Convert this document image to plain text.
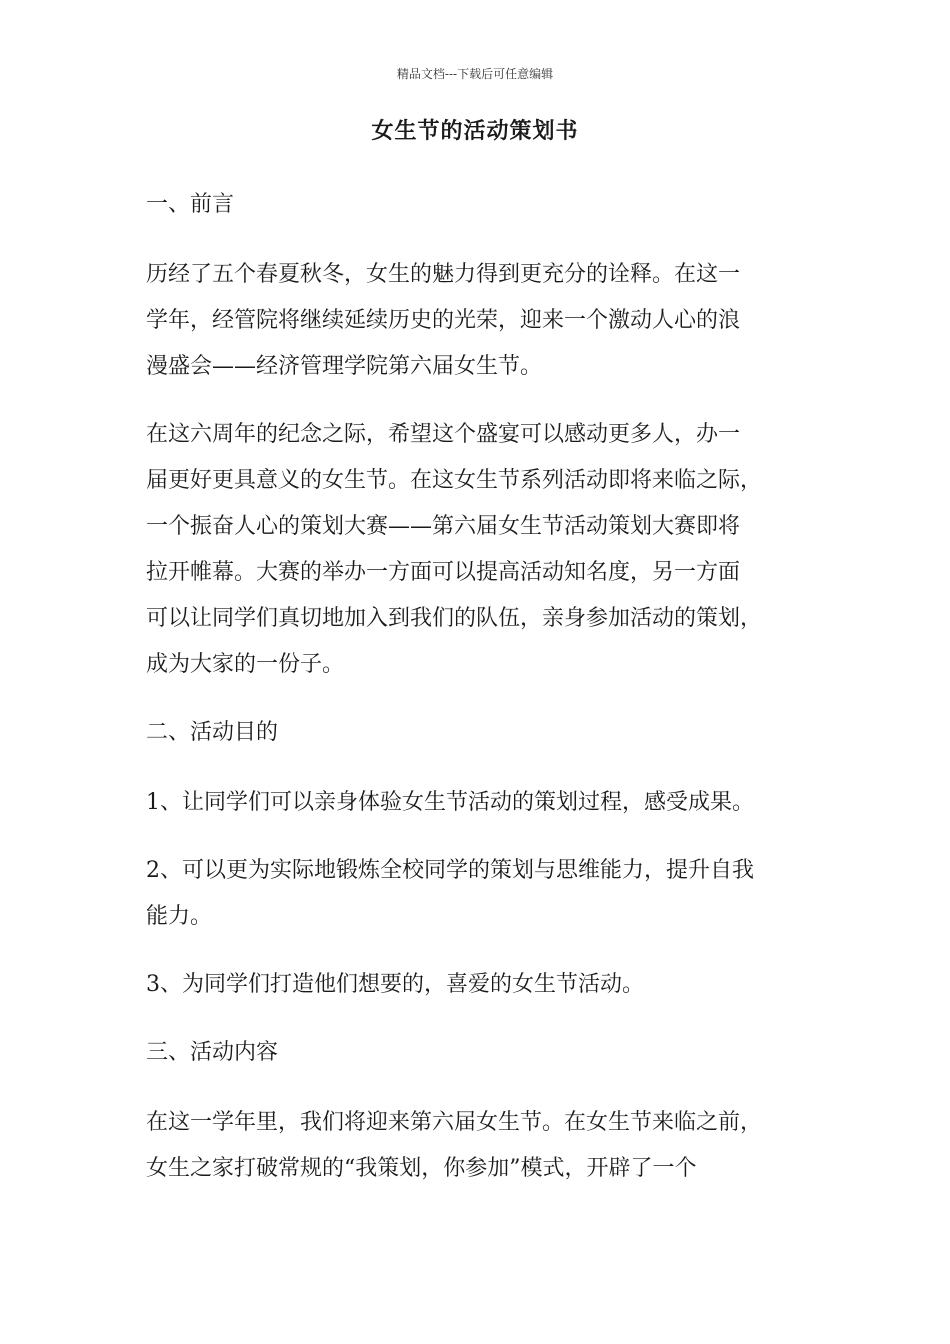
精品文档---下载后可任意编辑
女生节的活动策划书

一、前言

历经了五个春夏秋冬，女生的魅力得到更充分的诠释。在这一
学年，经管院将继续延续历史的光荣，迎来一个激动人心的浪
漫盛会——经济管理学院第六届女生节。

在这六周年的纪念之际，希望这个盛宴可以感动更多人，办一
届更好更具意义的女生节。在这女生节系列活动即将来临之际，
一个振奋人心的策划大赛——第六届女生节活动策划大赛即将
拉开帷幕。大赛的举办一方面可以提高活动知名度，另一方面
可以让同学们真切地加入到我们的队伍，亲身参加活动的策划，
成为大家的一份子。

二、活动目的

1、让同学们可以亲身体验女生节活动的策划过程，感受成果。

2、可以更为实际地锻炼全校同学的策划与思维能力，提升自我
能力。

3、为同学们打造他们想要的，喜爱的女生节活动。

三、活动内容

在这一学年里，我们将迎来第六届女生节。在女生节来临之前，
女生之家打破常规的“我策划，你参加”模式，开辟了一个
